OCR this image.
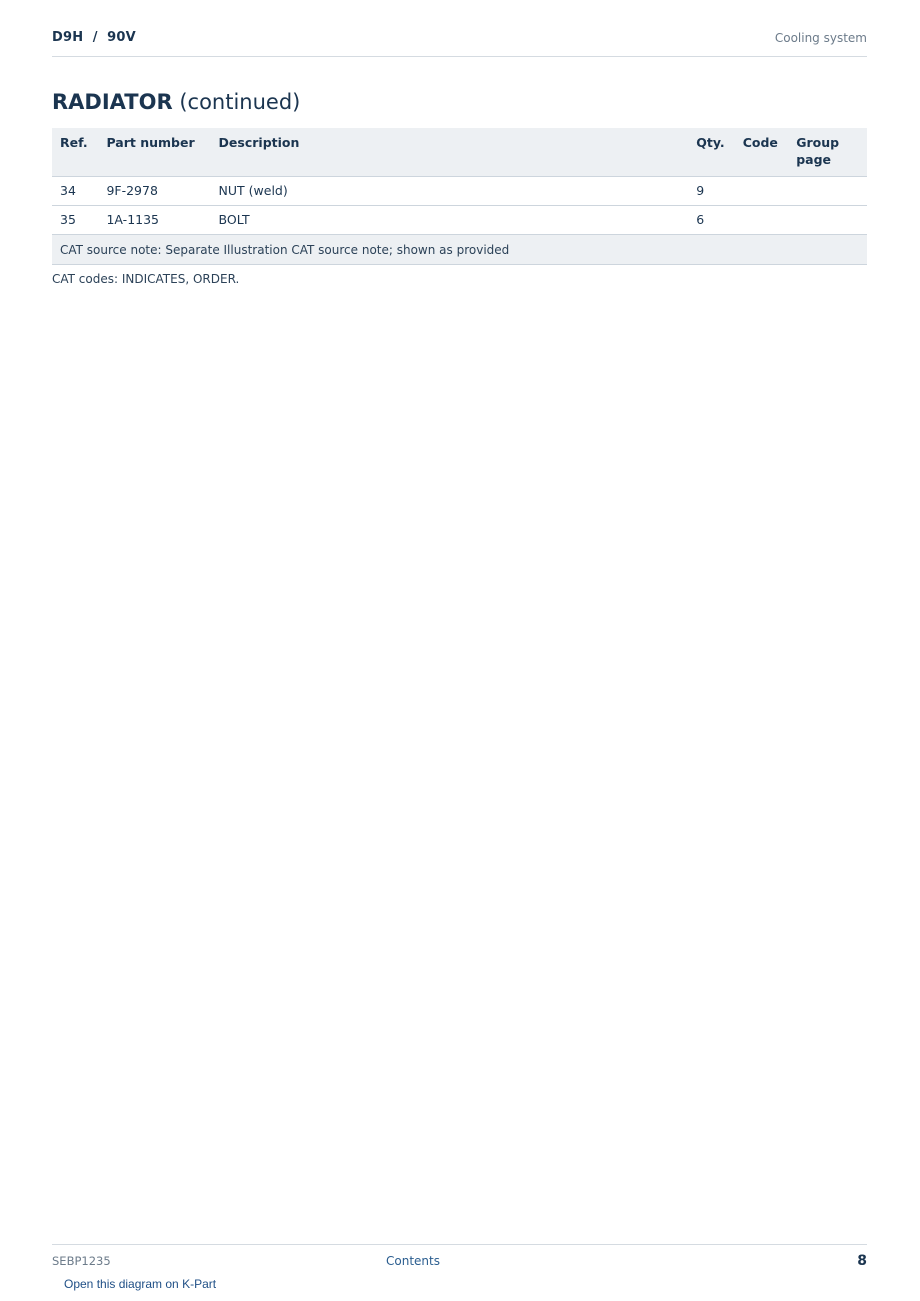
D9H  /  90V	Cooling system
RADIATOR (continued)
Ref.	Part number	Description	Qty.	Code	Group page
34	9F-2978	NUT (weld)	9		
35	1A-1135	BOLT	6		
CAT source note: Separate Illustration CAT source note; shown as provided					
CAT codes: INDICATES, ORDER.
SEBP1235	Contents	8
Open this diagram on K-Part
